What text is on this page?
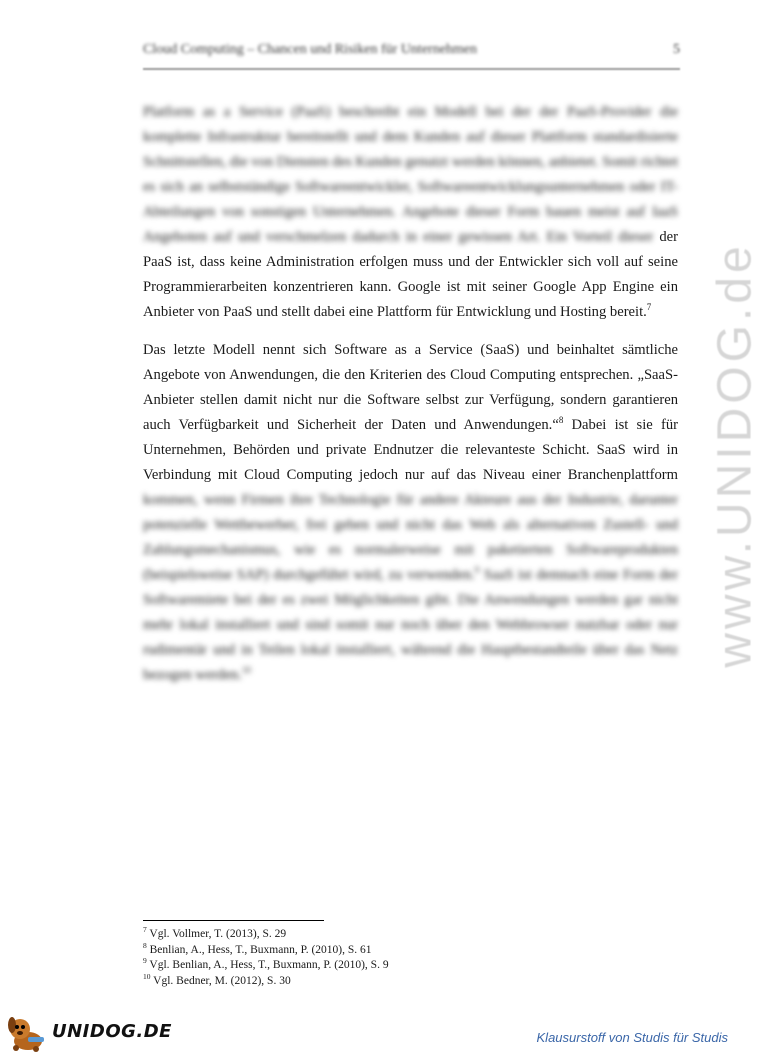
Cloud Computing – Chancen und Risiken für Unternehmen	5

Platform as a Service (PaaS) beschreibt ein Modell bei der der PaaS-Provider die komplette Infrastruktur bereitstellt und dem Kunden auf dieser Plattform standardisierte Schnittstellen, die von Diensten des Kunden genutzt werden können, anbietet. Somit richtet es sich an selbstständige Softwareentwickler, Softwareentwicklungsunternehmen oder IT-Abteilungen von sonstigen Unternehmen. Angebote dieser Form bauen meist auf IaaS Angeboten auf und verschmelzen dadurch in einer gewissen Art. Ein Vorteil dieser der PaaS ist, dass keine Administration erfolgen muss und der Entwickler sich voll auf seine Programmierarbeiten konzentrieren kann. Google ist mit seiner Google App Engine ein Anbieter von PaaS und stellt dabei eine Plattform für Entwicklung und Hosting bereit.$^7$

Das letzte Modell nennt sich Software as a Service (SaaS) und beinhaltet sämtliche Angebote von Anwendungen, die den Kriterien des Cloud Computing entsprechen. „SaaS-Anbieter stellen damit nicht nur die Software selbst zur Verfügung, sondern garantieren auch Verfügbarkeit und Sicherheit der Daten und Anwendungen.“$^8$ Dabei ist sie für Unternehmen, Behörden und private Endnutzer die relevanteste Schicht. SaaS wird in Verbindung mit Cloud Computing jedoch nur auf das Niveau einer Branchenplattform kommen, wenn Firmen ihre Technologie für andere Akteure aus der Industrie, darunter potenzielle Wettbewerber, frei geben und nicht das Web als alternativen Zustell- und Zahlungsmechanismus, wie es normalerweise mit paketierten Softwareprodukten (beispielsweise SAP) durchgeführt wird, zu verwenden.$^9$ SaaS ist demnach eine Form der Softwaremiete bei der es zwei Möglichkeiten gibt. Die Anwendungen werden gar nicht mehr lokal installiert und sind somit nur noch über den Webbrowser nutzbar oder nur rudimentär und in Teilen lokal installiert, während die Hauptbestandteile über das Netz bezogen werden.$^{10}$

www.UNIDOG.de
$^7$ Vgl. Vollmer, T. (2013), S. 29
$^8$ Benlian, A., Hess, T., Buxmann, P. (2010), S. 61
$^9$ Vgl. Benlian, A., Hess, T., Buxmann, P. (2010), S. 9
$^{10}$ Vgl. Bedner, M. (2012), S. 30
UNIDOG.DE	Klausurstoff von Studis für Studis
